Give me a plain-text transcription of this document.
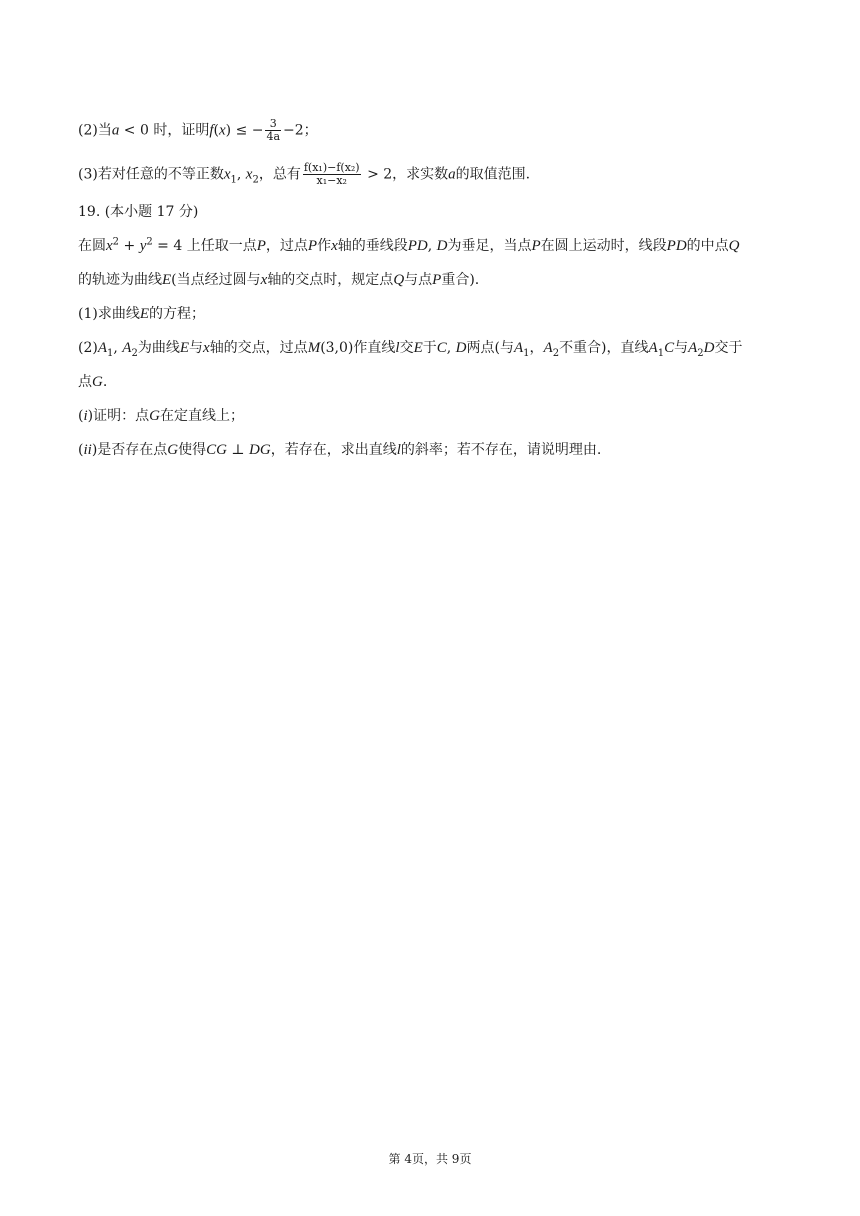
(2)当a < 0 时，证明f(x) ≤ − $\frac{3}{4a} -2$；
(3)若对任意的不等正数$x_1$, $x_2$，总有 $\frac{\text{f(x₁)−f(x₂)}}{\text{x₁−x₂}} > 2$，求实数a的取值范围.
19. (本小题 17 分)
在圆$x^2 + y^2 = 4$ 上任取一点P，过点P作x轴的垂线段PD, D为垂足，当点P在圆上运动时，线段PD的中点Q
的轨迹为曲线E(当点经过圆与x轴的交点时，规定点Q与点P重合).
(1)求曲线E的方程；
$(2)A_1$, $A_2$为曲线E与x轴的交点，过点M(3,0)作直线l交E于C, D两点(与$A_1$，$A_2$不重合)，直线$A_1C$与$A_2D$交于
点G.
(i)证明：点G在定直线上；
(ii)是否存在点G使得CG ⊥ DG，若存在，求出直线l的斜率；若不存在，请说明理由.
第 4页，共 9页
